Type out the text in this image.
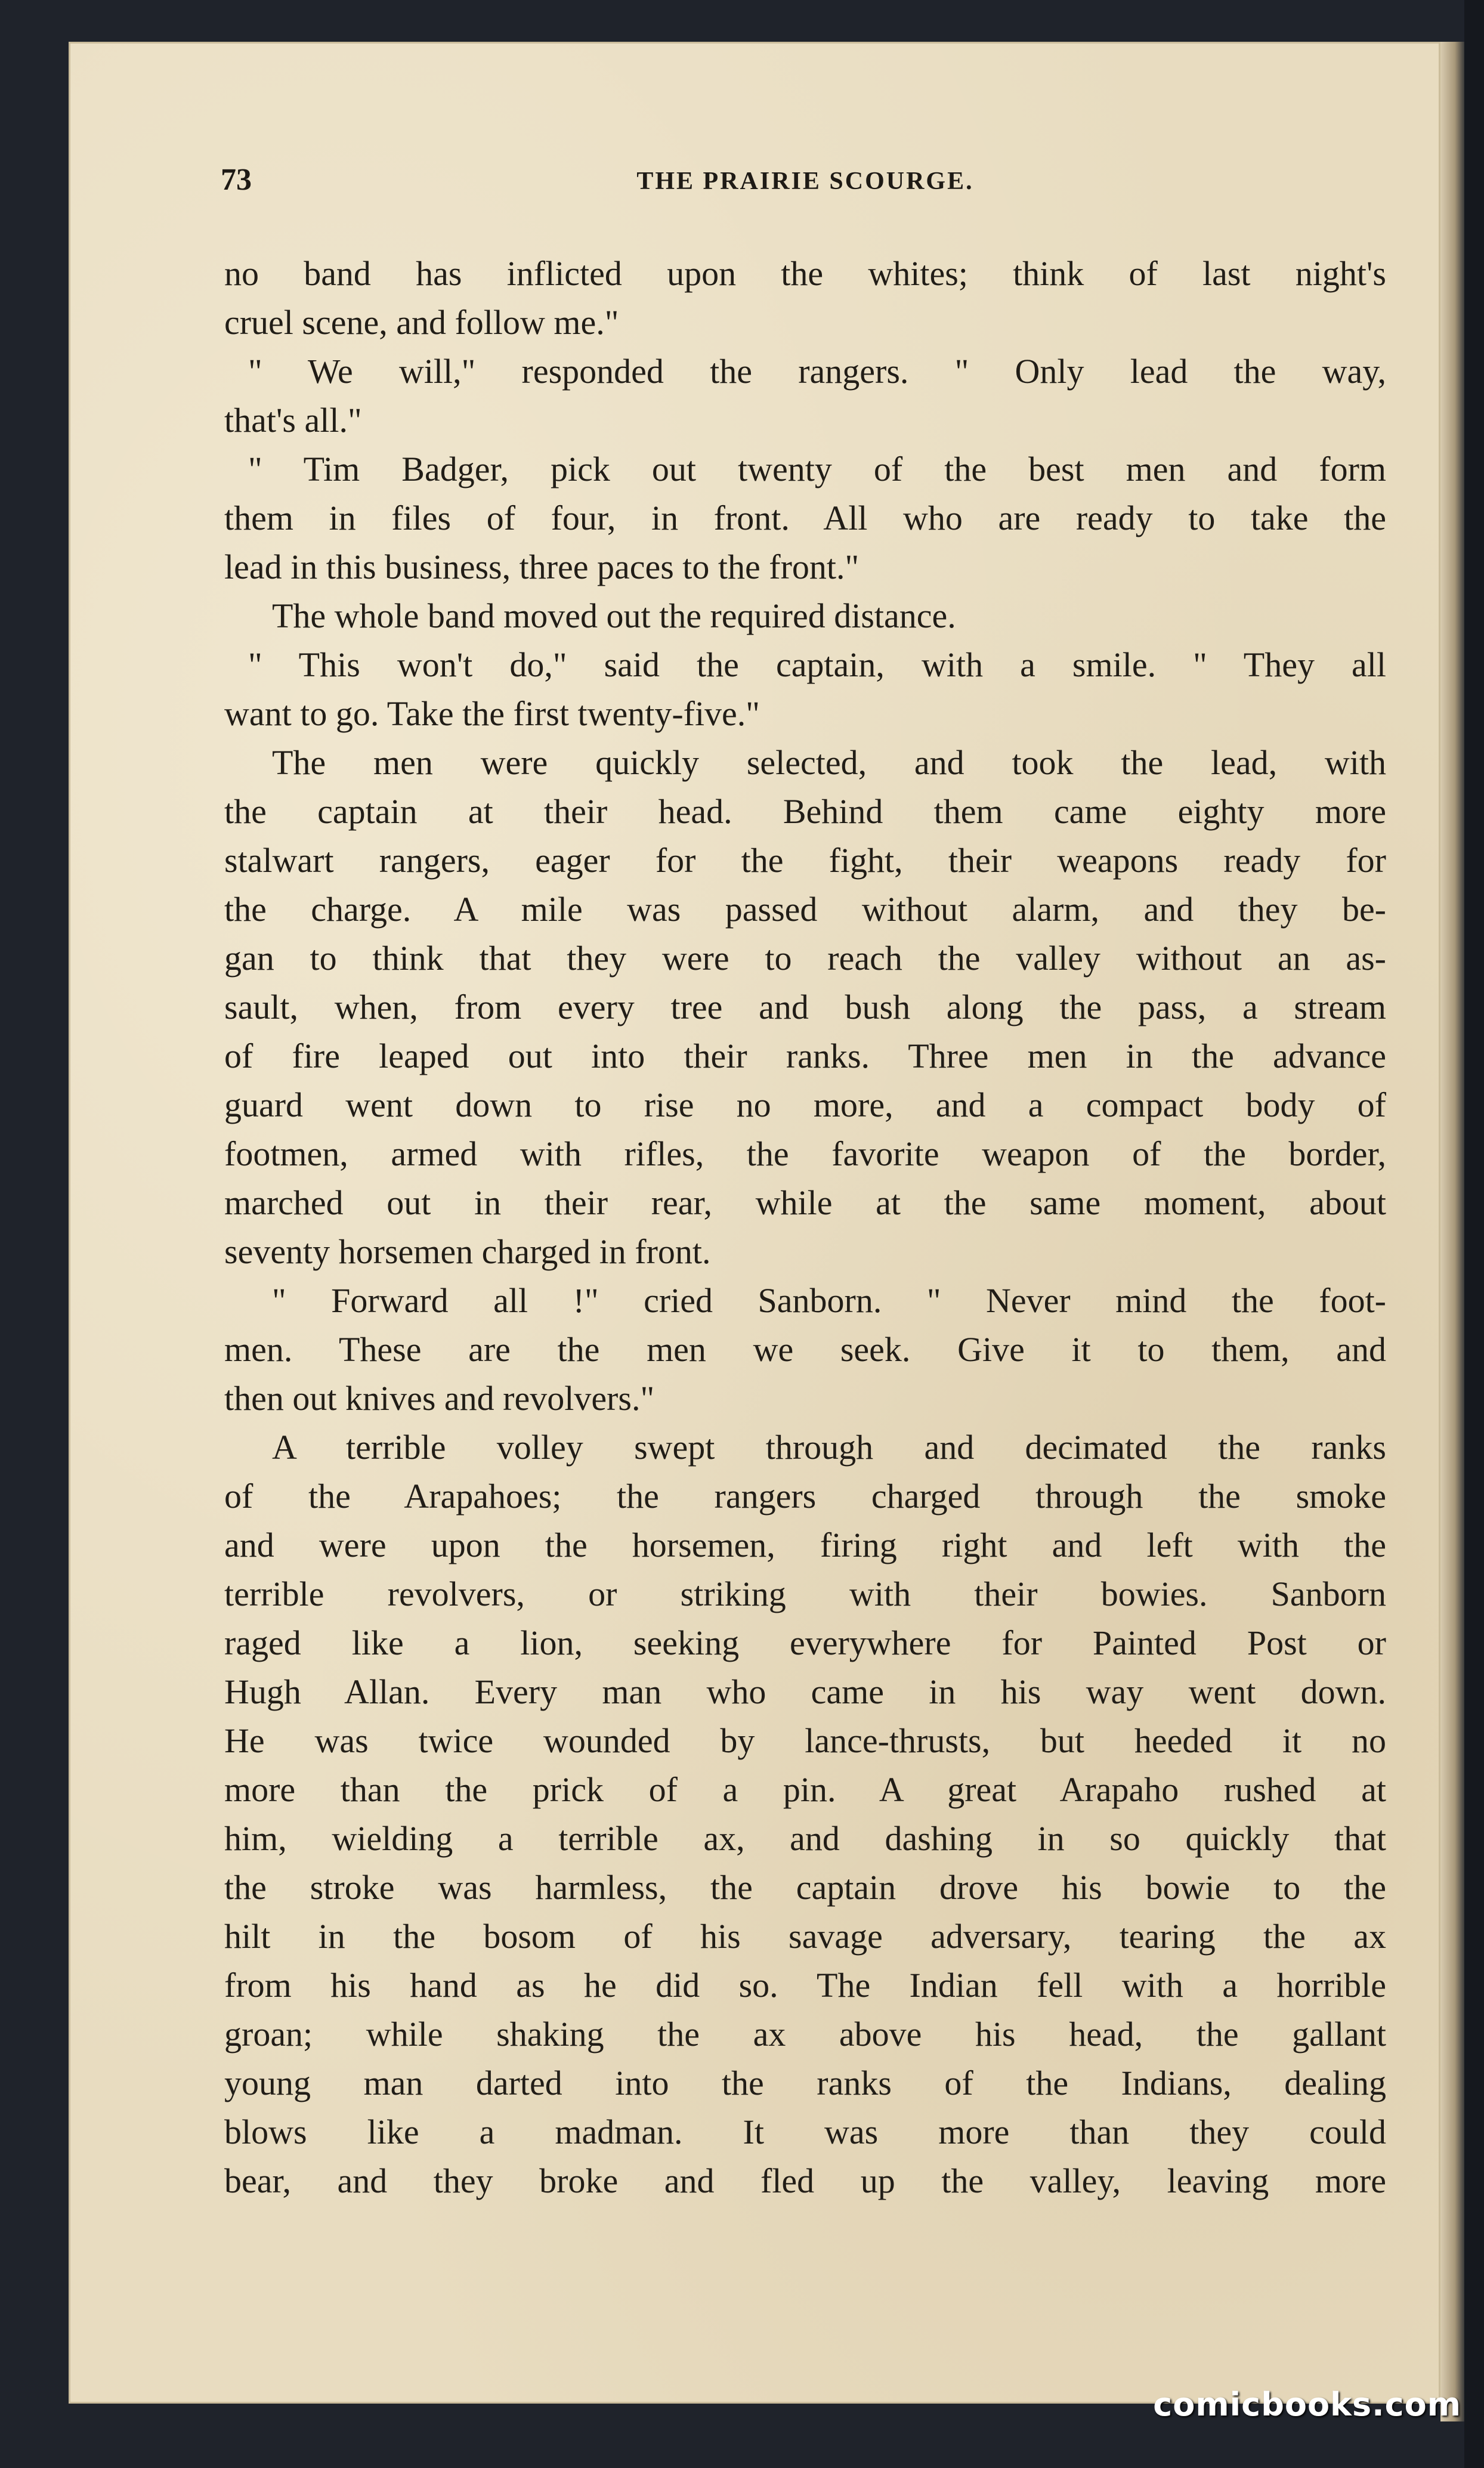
73	THE PRAIRIE SCOURGE.
no band has inflicted upon the whites; think of last night's
cruel scene, and follow me."
" We will," responded the rangers. " Only lead the way,
that's all."
" Tim Badger, pick out twenty of the best men and form
them in files of four, in front. All who are ready to take the
lead in this business, three paces to the front."
The whole band moved out the required distance.
" This won't do," said the captain, with a smile. " They all
want to go. Take the first twenty-five."
The men were quickly selected, and took the lead, with
the captain at their head. Behind them came eighty more
stalwart rangers, eager for the fight, their weapons ready for
the charge. A mile was passed without alarm, and they be-
gan to think that they were to reach the valley without an as-
sault, when, from every tree and bush along the pass, a stream
of fire leaped out into their ranks. Three men in the advance
guard went down to rise no more, and a compact body of
footmen, armed with rifles, the favorite weapon of the border,
marched out in their rear, while at the same moment, about
seventy horsemen charged in front.
" Forward all !" cried Sanborn. " Never mind the foot-
men. These are the men we seek. Give it to them, and
then out knives and revolvers."
A terrible volley swept through and decimated the ranks
of the Arapahoes; the rangers charged through the smoke
and were upon the horsemen, firing right and left with the
terrible revolvers, or striking with their bowies. Sanborn
raged like a lion, seeking everywhere for Painted Post or
Hugh Allan. Every man who came in his way went down.
He was twice wounded by lance-thrusts, but heeded it no
more than the prick of a pin. A great Arapaho rushed at
him, wielding a terrible ax, and dashing in so quickly that
the stroke was harmless, the captain drove his bowie to the
hilt in the bosom of his savage adversary, tearing the ax
from his hand as he did so. The Indian fell with a horrible
groan; while shaking the ax above his head, the gallant
young man darted into the ranks of the Indians, dealing
blows like a madman. It was more than they could
bear, and they broke and fled up the valley, leaving more
comicbooks.com
